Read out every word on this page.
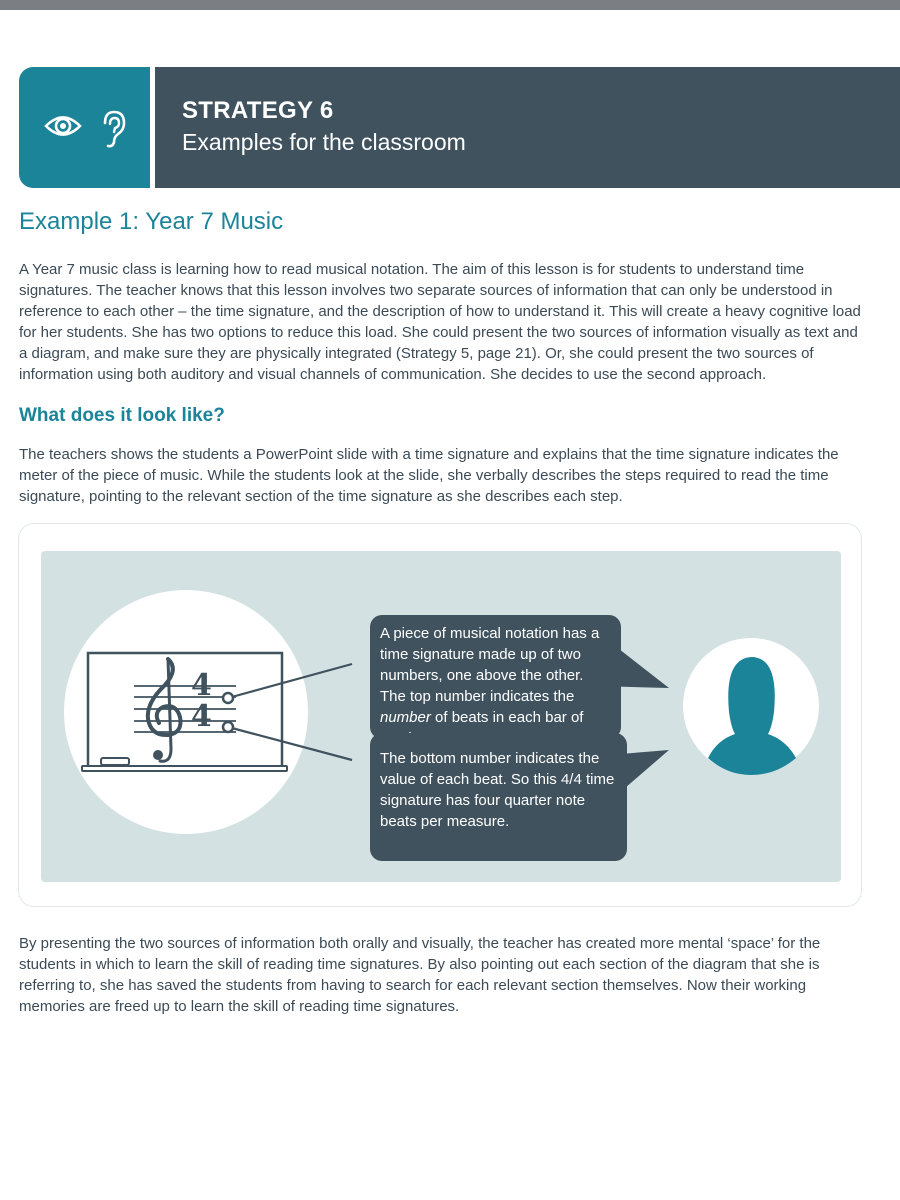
STRATEGY 6

Examples for the classroom

Example 1: Year 7 Music

A Year 7 music class is learning how to read musical notation. The aim of this lesson is for students to understand time signatures. The teacher knows that this lesson involves two separate sources of information that can only be understood in reference to each other – the time signature, and the description of how to understand it. This will create a heavy cognitive load for her students. She has two options to reduce this load. She could present the two sources of information visually as text and a diagram, and make sure they are physically integrated (Strategy 5, page 21). Or, she could present the two sources of information using both auditory and visual channels of communication. She decides to use the second approach.

What does it look like?

The teachers shows the students a PowerPoint slide with a time signature and explains that the time signature indicates the meter of the piece of music. While the students look at the slide, she verbally describes the steps required to read the time signature, pointing to the relevant section of the time signature as she describes each step.

4
4
A piece of musical notation has a time signature made up of two numbers, one above the other. The top number indicates the number of beats in each bar of
The bottom number indicates the value of each beat. So this 4/4 time signature has four quarter note beats per measure.

By presenting the two sources of information both orally and visually, the teacher has created more mental ‘space’ for the students in which to learn the skill of reading time signatures. By also pointing out each section of the diagram that she is referring to, she has saved the students from having to search for each relevant section themselves. Now their working memories are freed up to learn the skill of reading time signatures.
